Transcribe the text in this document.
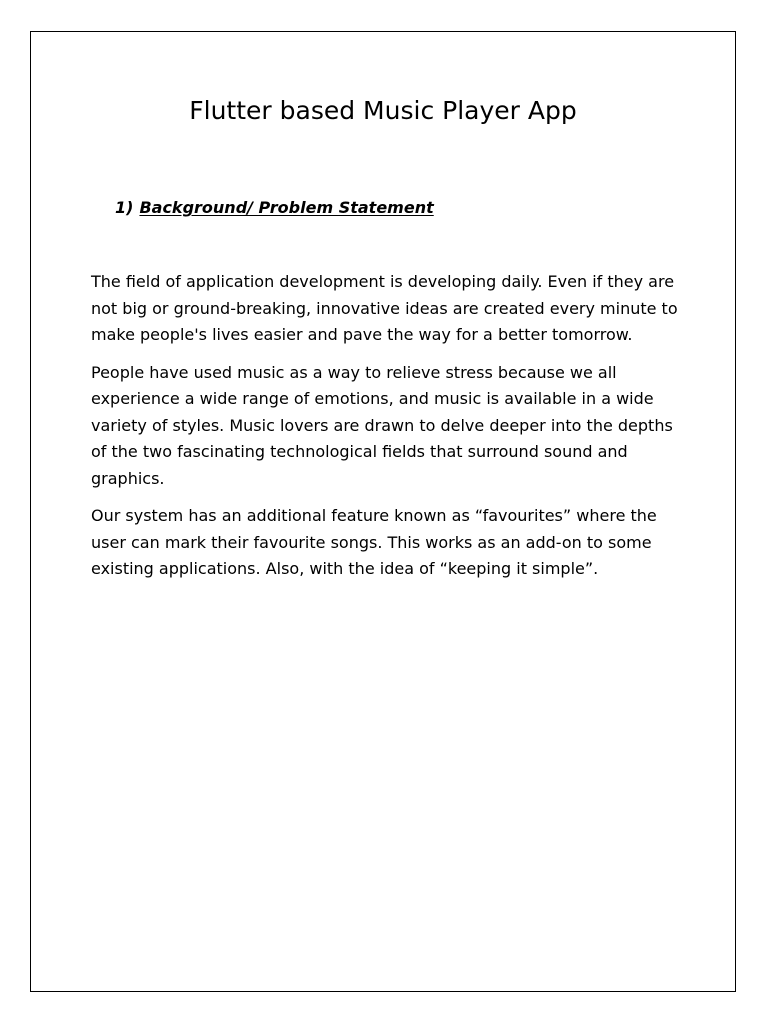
Flutter based Music Player App
1) Background/ Problem Statement

The field of application development is developing daily. Even if they are not big or ground-breaking, innovative ideas are created every minute to make people's lives easier and pave the way for a better tomorrow.

People have used music as a way to relieve stress because we all experience a wide range of emotions, and music is available in a wide variety of styles. Music lovers are drawn to delve deeper into the depths of the two fascinating technological fields that surround sound and graphics.

Our system has an additional feature known as “favourites” where the user can mark their favourite songs. This works as an add-on to some existing applications. Also, with the idea of “keeping it simple”.
